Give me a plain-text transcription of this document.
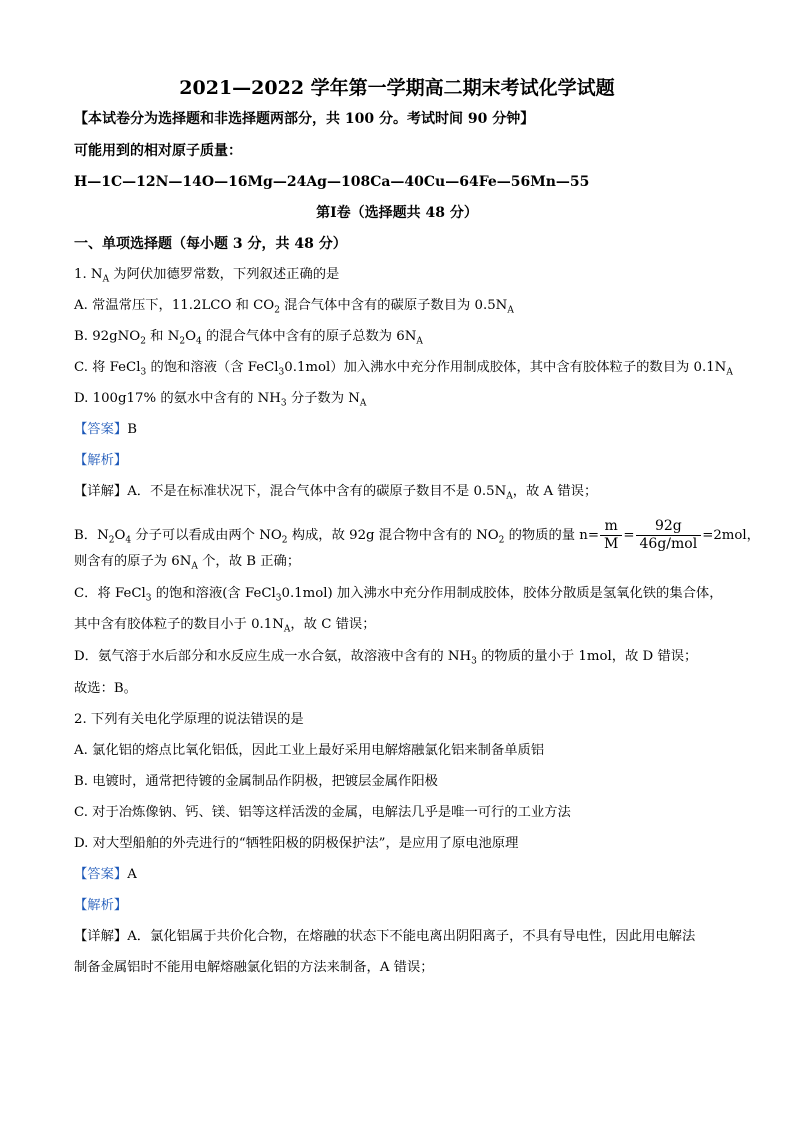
2021—2022 学年第一学期高二期末考试化学试题
【本试卷分为选择题和非选择题两部分，共 100 分。考试时间 90 分钟】
可能用到的相对原子质量：
H—1C—12N—14O—16Mg—24Ag—108Ca—40Cu—64Fe—56Mn—55
第Ⅰ卷（选择题共 48 分）
一、单项选择题（每小题 3 分，共 48 分）
1. $N_A$ 为阿伏加德罗常数，下列叙述正确的是
A. 常温常压下，11.2LCO 和 $CO_2$ 混合气体中含有的碳原子数目为 $0.5N_A$
B. 92gNO$_2$ 和 $N_2O_4$ 的混合气体中含有的原子总数为 $6N_A$
C. 将 FeCl$_3$ 的饱和溶液（含 FeCl$_3$0.1mol）加入沸水中充分作用制成胶体，其中含有胶体粒子的数目为 $0.1N_A$
D. 100g17% 的氨水中含有的 $NH_3$ 分子数为 $N_A$
【答案】B
【解析】
【详解】A．不是在标准状况下，混合气体中含有的碳原子数目不是 $0.5N_A$，故 A 错误；
B．$N_2O_4$ 分子可以看成由两个 $NO_2$ 构成，故 92g 混合物中含有的 $NO_2$ 的物质的量 $n= \frac{m}{M} = \frac{92g}{\text{46g/mol}} =2mol$，
则含有的原子为 $6N_A$ 个，故 B 正确；
C．将 FeCl$_3$ 的饱和溶液(含 FeCl$_3$0.1mol) 加入沸水中充分作用制成胶体，胶体分散质是氢氧化铁的集合体，
其中含有胶体粒子的数目小于 $0.1N_A$，故 C 错误；
D．氨气溶于水后部分和水反应生成一水合氨，故溶液中含有的 $NH_3$ 的物质的量小于 1mol，故 D 错误；
故选：B。
2. 下列有关电化学原理的说法错误的是
A. 氯化铝的熔点比氧化铝低，因此工业上最好采用电解熔融氯化铝来制备单质铝
B. 电镀时，通常把待镀的金属制品作阴极，把镀层金属作阳极
C. 对于冶炼像钠、钙、镁、铝等这样活泼的金属，电解法几乎是唯一可行的工业方法
D. 对大型船舶的外壳进行的“牺牲阳极的阴极保护法”，是应用了原电池原理
【答案】A
【解析】
【详解】A．氯化铝属于共价化合物，在熔融的状态下不能电离出阴阳离子，不具有导电性，因此用电解法
制备金属铝时不能用电解熔融氯化铝的方法来制备，A 错误；
